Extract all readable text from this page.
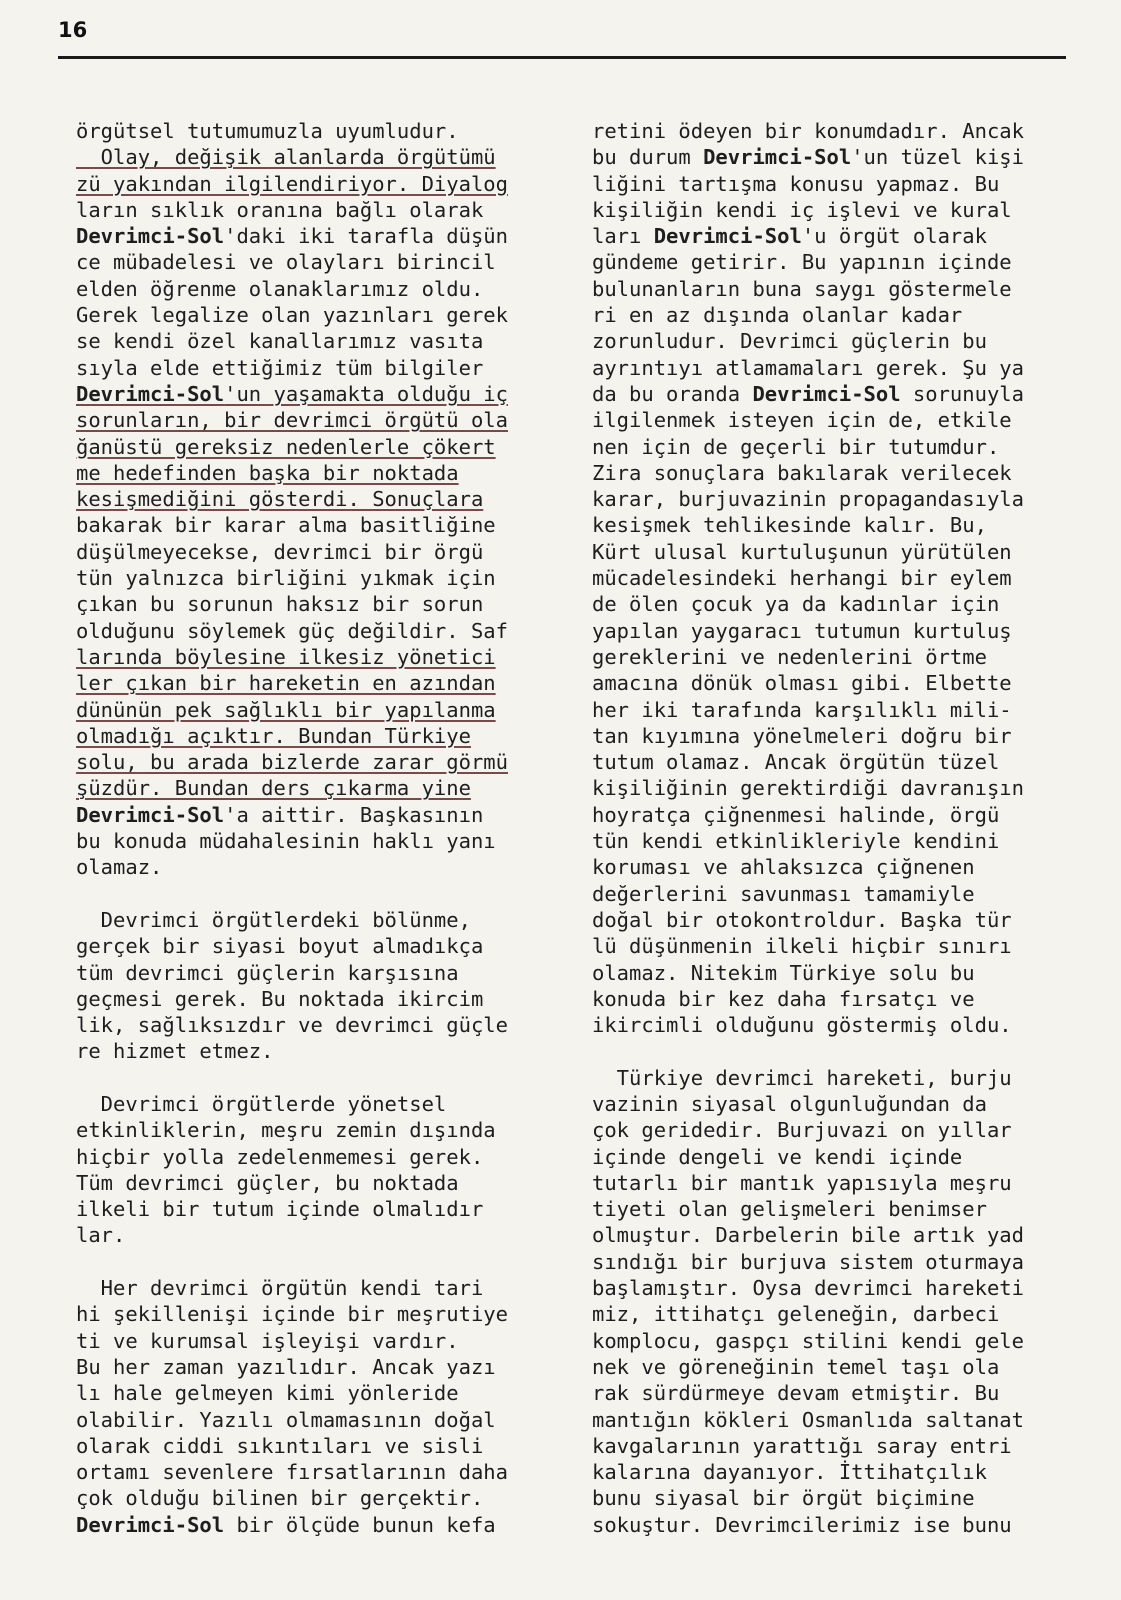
16
örgütsel tutumumuzla uyumludur.
Olay, değişik alanlarda örgütümü
zü yakından ilgilendiriyor. Diyalog
ların sıklık oranına bağlı olarak
Devrimci-Sol'daki iki tarafla düşün
ce mübadelesi ve olayları birincil
elden öğrenme olanaklarımız oldu.
Gerek legalize olan yazınları gerek
se kendi özel kanallarımız vasıta
sıyla elde ettiğimiz tüm bilgiler
Devrimci-Sol'un yaşamakta olduğu iç
sorunların, bir devrimci örgütü ola
ğanüstü gereksiz nedenlerle çökert
me hedefinden başka bir noktada
kesişmediğini gösterdi. Sonuçlara
bakarak bir karar alma basitliğine
düşülmeyecekse, devrimci bir örgü
tün yalnızca birliğini yıkmak için
çıkan bu sorunun haksız bir sorun
olduğunu söylemek güç değildir. Saf
larında böylesine ilkesiz yönetici
ler çıkan bir hareketin en azından
dününün pek sağlıklı bir yapılanma
olmadığı açıktır. Bundan Türkiye
solu, bu arada bizlerde zarar görmü
şüzdür. Bundan ders çıkarma yine
Devrimci-Sol'a aittir. Başkasının
bu konuda müdahalesinin haklı yanı
olamaz.
Devrimci örgütlerdeki bölünme,
gerçek bir siyasi boyut almadıkça
tüm devrimci güçlerin karşısına
geçmesi gerek. Bu noktada ikircim
lik, sağlıksızdır ve devrimci güçle
re hizmet etmez.
Devrimci örgütlerde yönetsel
etkinliklerin, meşru zemin dışında
hiçbir yolla zedelenmemesi gerek.
Tüm devrimci güçler, bu noktada
ilkeli bir tutum içinde olmalıdır
lar.
Her devrimci örgütün kendi tari
hi şekillenişi içinde bir meşrutiye
ti ve kurumsal işleyişi vardır.
Bu her zaman yazılıdır. Ancak yazı
lı hale gelmeyen kimi yönleride
olabilir. Yazılı olmamasının doğal
olarak ciddi sıkıntıları ve sisli
ortamı sevenlere fırsatlarının daha
çok olduğu bilinen bir gerçektir.
Devrimci-Sol bir ölçüde bunun kefa
retini ödeyen bir konumdadır. Ancak
bu durum Devrimci-Sol'un tüzel kişi
liğini tartışma konusu yapmaz. Bu
kişiliğin kendi iç işlevi ve kural
ları Devrimci-Sol'u örgüt olarak
gündeme getirir. Bu yapının içinde
bulunanların buna saygı göstermele
ri en az dışında olanlar kadar
zorunludur. Devrimci güçlerin bu
ayrıntıyı atlamamaları gerek. Şu ya
da bu oranda Devrimci-Sol sorunuyla
ilgilenmek isteyen için de, etkile
nen için de geçerli bir tutumdur.
Zira sonuçlara bakılarak verilecek
karar, burjuvazinin propagandasıyla
kesişmek tehlikesinde kalır. Bu,
Kürt ulusal kurtuluşunun yürütülen
mücadelesindeki herhangi bir eylem
de ölen çocuk ya da kadınlar için
yapılan yaygaracı tutumun kurtuluş
gereklerini ve nedenlerini örtme
amacına dönük olması gibi. Elbette
her iki tarafında karşılıklı mili-
tan kıyımına yönelmeleri doğru bir
tutum olamaz. Ancak örgütün tüzel
kişiliğinin gerektirdiği davranışın
hoyratça çiğnenmesi halinde, örgü
tün kendi etkinlikleriyle kendini
koruması ve ahlaksızca çiğnenen
değerlerini savunması tamamiyle
doğal bir otokontroldur. Başka tür
lü düşünmenin ilkeli hiçbir sınırı
olamaz. Nitekim Türkiye solu bu
konuda bir kez daha fırsatçı ve
ikircimli olduğunu göstermiş oldu.
Türkiye devrimci hareketi, burju
vazinin siyasal olgunluğundan da
çok geridedir. Burjuvazi on yıllar
içinde dengeli ve kendi içinde
tutarlı bir mantık yapısıyla meşru
tiyeti olan gelişmeleri benimser
olmuştur. Darbelerin bile artık yad
sındığı bir burjuva sistem oturmaya
başlamıştır. Oysa devrimci hareketi
miz, ittihatçı geleneğin, darbeci
komplocu, gaspçı stilini kendi gele
nek ve göreneğinin temel taşı ola
rak sürdürmeye devam etmiştir. Bu
mantığın kökleri Osmanlıda saltanat
kavgalarının yarattığı saray entri
kalarına dayanıyor. İttihatçılık
bunu siyasal bir örgüt biçimine
sokuştur. Devrimcilerimiz ise bunu
